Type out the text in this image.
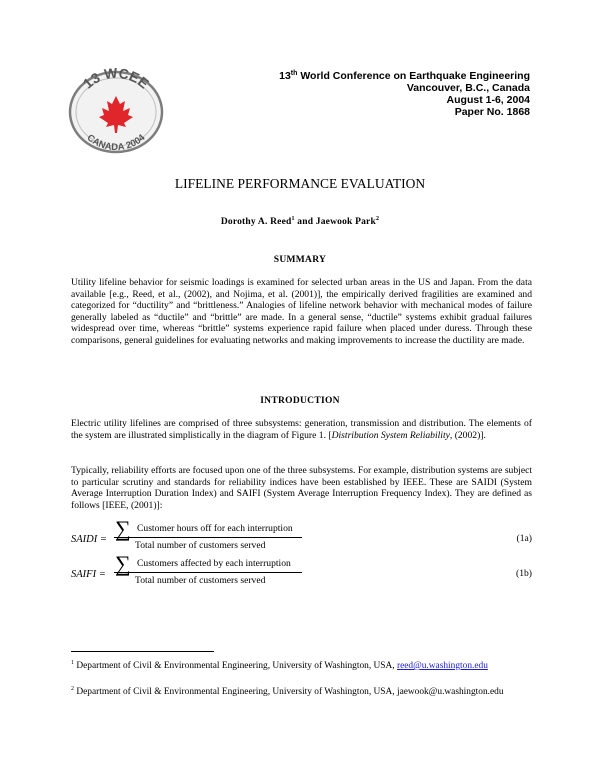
13 WCEE
CANADA 2004
13th World Conference on Earthquake Engineering
Vancouver, B.C., Canada
August 1-6, 2004
Paper No. 1868
LIFELINE PERFORMANCE EVALUATION
Dorothy A. Reed$^1$ and Jaewook Park$^2$
SUMMARY
Utility lifeline behavior for seismic loadings is examined for selected urban areas in the US and Japan. From the data available [e.g., Reed, et al., (2002), and Nojima, et al. (2001)], the empirically derived fragilities are examined and categorized for “ductility” and “brittleness.” Analogies of lifeline network behavior with mechanical modes of failure generally labeled as “ductile” and “brittle” are made. In a general sense, “ductile” systems exhibit gradual failures widespread over time, whereas “brittle” systems experience rapid failure when placed under duress. Through these comparisons, general guidelines for evaluating networks and making improvements to increase the ductility are made.
INTRODUCTION
Electric utility lifelines are comprised of three subsystems: generation, transmission and distribution. The elements of the system are illustrated simplistically in the diagram of Figure 1. [Distribution System Reliability, (2002)].
Typically, reliability efforts are focused upon one of the three subsystems. For example, distribution systems are subject to particular scrutiny and standards for reliability indices have been established by IEEE. These are SAIDI (System Average Interruption Duration Index) and SAIFI (System Average Interruption Frequency Index). They are defined as follows [IEEE, (2001)]:
SAIDI = ∑ Customer hours off for each interruption
Total number of customers served
(1a)
SAIFI = ∑ Customers affected by each interruption
Total number of customers served
(1b)
$^1$ Department of Civil & Environmental Engineering, University of Washington, USA, reed@u.washington.edu
$^2$ Department of Civil & Environmental Engineering, University of Washington, USA, jaewook@u.washington.edu
